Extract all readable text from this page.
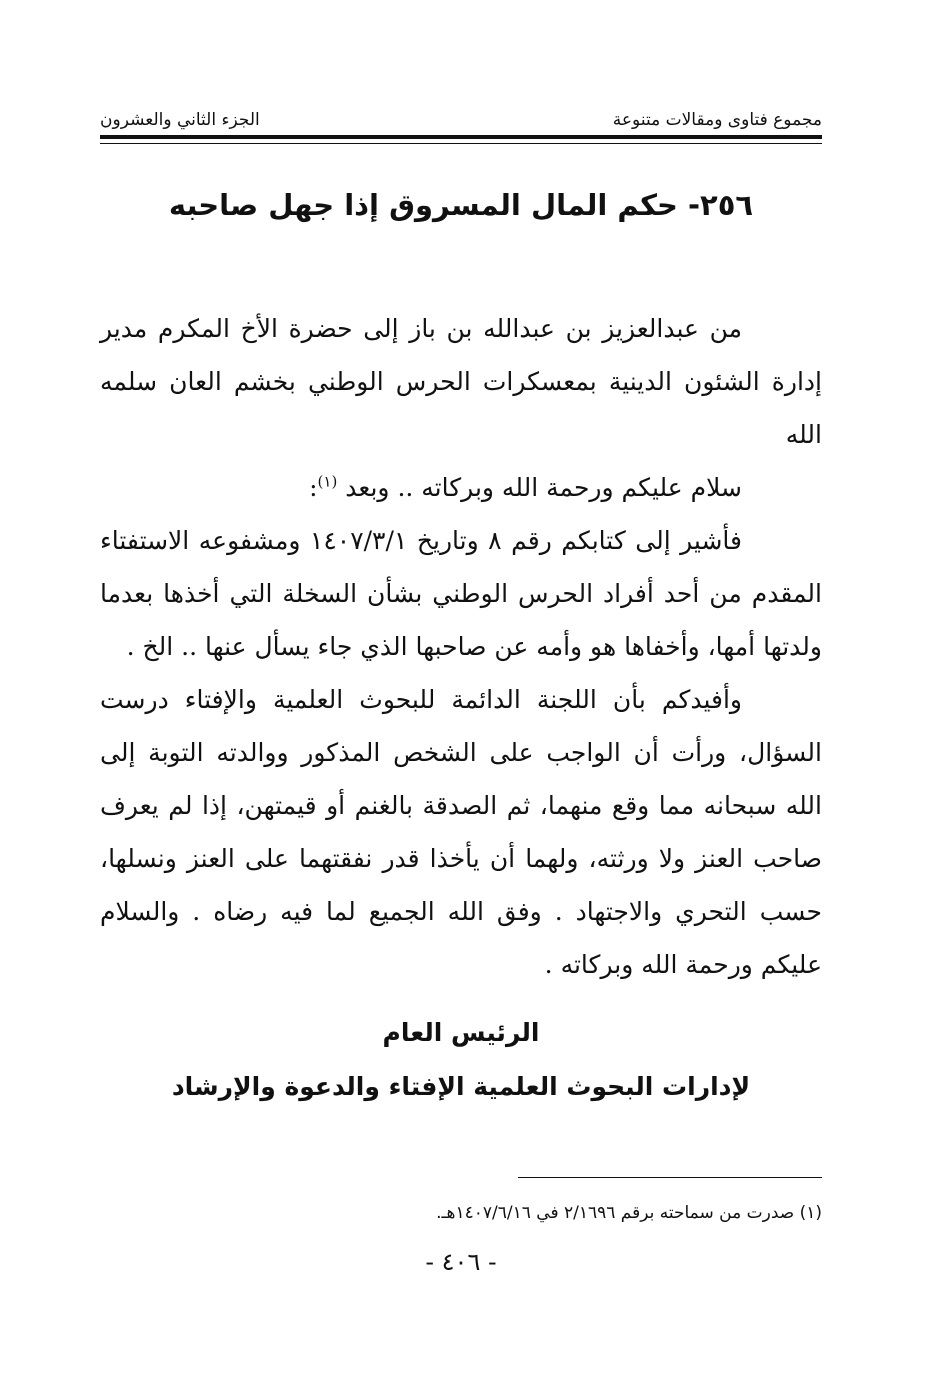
مجموع فتاوى ومقالات متنوعة
الجزء الثاني والعشرون
٢٥٦- حكم المال المسروق إذا جهل صاحبه

من عبدالعزيز بن عبدالله بن باز إلى حضرة الأخ المكرم مدير إدارة الشئون الدينية بمعسكرات الحرس الوطني بخشم العان سلمه الله

سلام عليكم ورحمة الله وبركاته .. وبعد $^{(١)}$:

فأشير إلى كتابكم رقم ٨ وتاريخ ١٤٠٧/٣/١ ومشفوعه الاستفتاء المقدم من أحد أفراد الحرس الوطني بشأن السخلة التي أخذها بعدما ولدتها أمها، وأخفاها هو وأمه عن صاحبها الذي جاء يسأل عنها .. الخ .

وأفيدكم بأن اللجنة الدائمة للبحوث العلمية والإفتاء درست السؤال، ورأت أن الواجب على الشخص المذكور ووالدته التوبة إلى الله سبحانه مما وقع منهما، ثم الصدقة بالغنم أو قيمتهن، إذا لم يعرف صاحب العنز ولا ورثته، ولهما أن يأخذا قدر نفقتهما على العنز ونسلها، حسب التحري والاجتهاد . وفق الله الجميع لما فيه رضاه . والسلام عليكم ورحمة الله وبركاته .

الرئيس العام
لإدارات البحوث العلمية الإفتاء والدعوة والإرشاد
(١) صدرت من سماحته برقم ٢/١٦٩٦ في ١٤٠٧/٦/١٦هـ.
- ٤٠٦ -
